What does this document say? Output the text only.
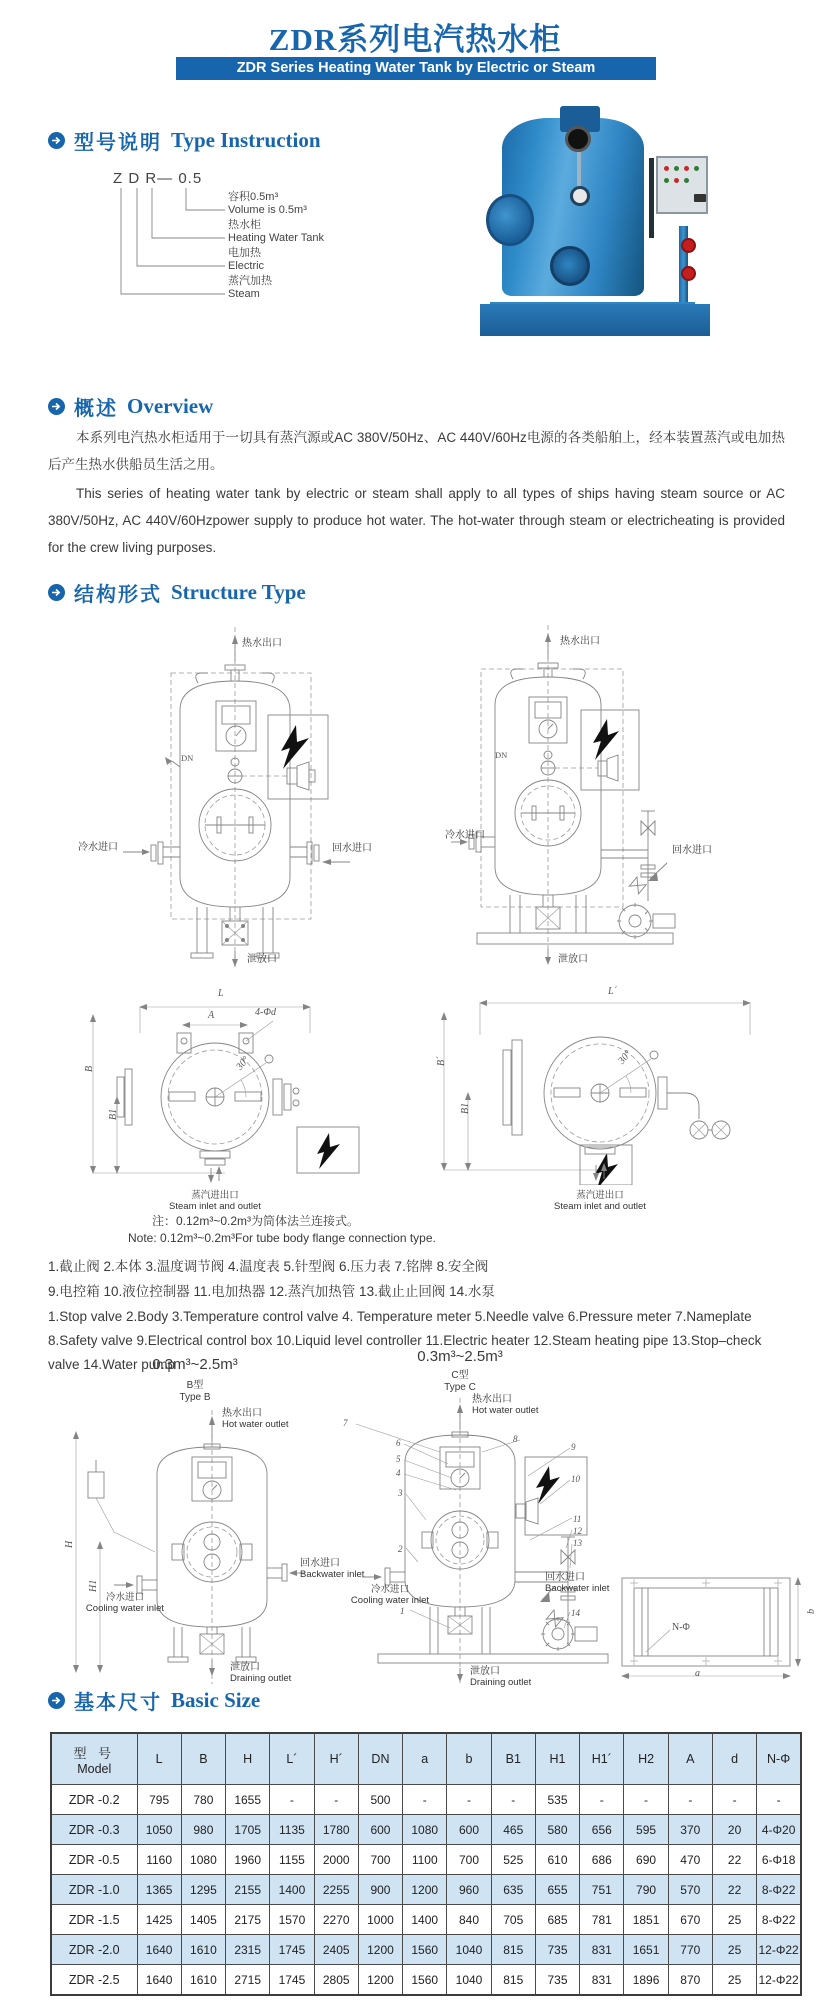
ZDR系列电汽热水柜
ZDR Series Heating Water Tank by Electric or Steam
型号说明 Type Instruction
Z D R— 0.5
容积0.5m³
Volume is 0.5m³
热水柜
Heating Water Tank
电加热
Electric
蒸汽加热
Steam
概述 Overview
本系列电汽热水柜适用于一切具有蒸汽源或AC 380V/50Hz、AC 440V/60Hz电源的各类船舶上，经本装置蒸汽或电加热后产生热水供船员生活之用。
This series of heating water tank by electric or steam shall apply to all types of ships having steam source or AC 380V/50Hz, AC 440V/60Hzpower supply to produce hot water. The hot-water through steam or electricheating is provided for the crew living purposes.
结构形式 Structure Type
热水出口
DN
冷水进口	回水进口
泄放口
热水出口
DN
冷水进口
回水进口
泄放口
L
A	4-Φd
B
B1
30°
蒸汽进出口
Steam inlet and outlet
L´
B´
B1
30°
蒸汽进出口
Steam inlet and outlet
注：0.12m³~0.2m³为筒体法兰连接式。
Note: 0.12m³~0.2m³For tube body flange connection type.
1.截止阀 2.本体 3.温度调节阀 4.温度表 5.针型阀 6.压力表 7.铭牌 8.安全阀
9.电控箱 10.液位控制器 11.电加热器 12.蒸汽加热管 13.截止止回阀 14.水泵
1.Stop valve 2.Body 3.Temperature control valve 4. Temperature meter 5.Needle valve 6.Pressure meter 7.Nameplate 8.Safety valve 9.Electrical control box 10.Liquid level controller 11.Electric heater 12.Steam heating pipe 13.Stop–check valve 14.Water pump
0.3m³~2.5m³
B型
Type B
0.3m³~2.5m³
C型
Type C
热水出口
Hot water outlet
H
H1
冷水进口
Cooling water inlet
回水进口
Backwater inlet
泄放口
Draining outlet
热水出口
Hot water outlet
冷水进口
Cooling water inlet
回水进口
Backwater inlet
泄放口
Draining outlet
7
8
6
5
4
3
2
1
9
10
11
12
13
14
N-Φ
a
b
基本尺寸 Basic Size
型 号
Model	L	B	H	L´	H´	DN	a	b	B1	H1	H1´	H2	A	d	N-Φ
ZDR -0.2	795	780	1655	-	-	500	-	-	-	535	-	-	-	-	-
ZDR -0.3	1050	980	1705	1135	1780	600	1080	600	465	580	656	595	370	20	4-Φ20
ZDR -0.5	1160	1080	1960	1155	2000	700	1100	700	525	610	686	690	470	22	6-Φ18
ZDR -1.0	1365	1295	2155	1400	2255	900	1200	960	635	655	751	790	570	22	8-Φ22
ZDR -1.5	1425	1405	2175	1570	2270	1000	1400	840	705	685	781	1851	670	25	8-Φ22
ZDR -2.0	1640	1610	2315	1745	2405	1200	1560	1040	815	735	831	1651	770	25	12-Φ22
ZDR -2.5	1640	1610	2715	1745	2805	1200	1560	1040	815	735	831	1896	870	25	12-Φ22
